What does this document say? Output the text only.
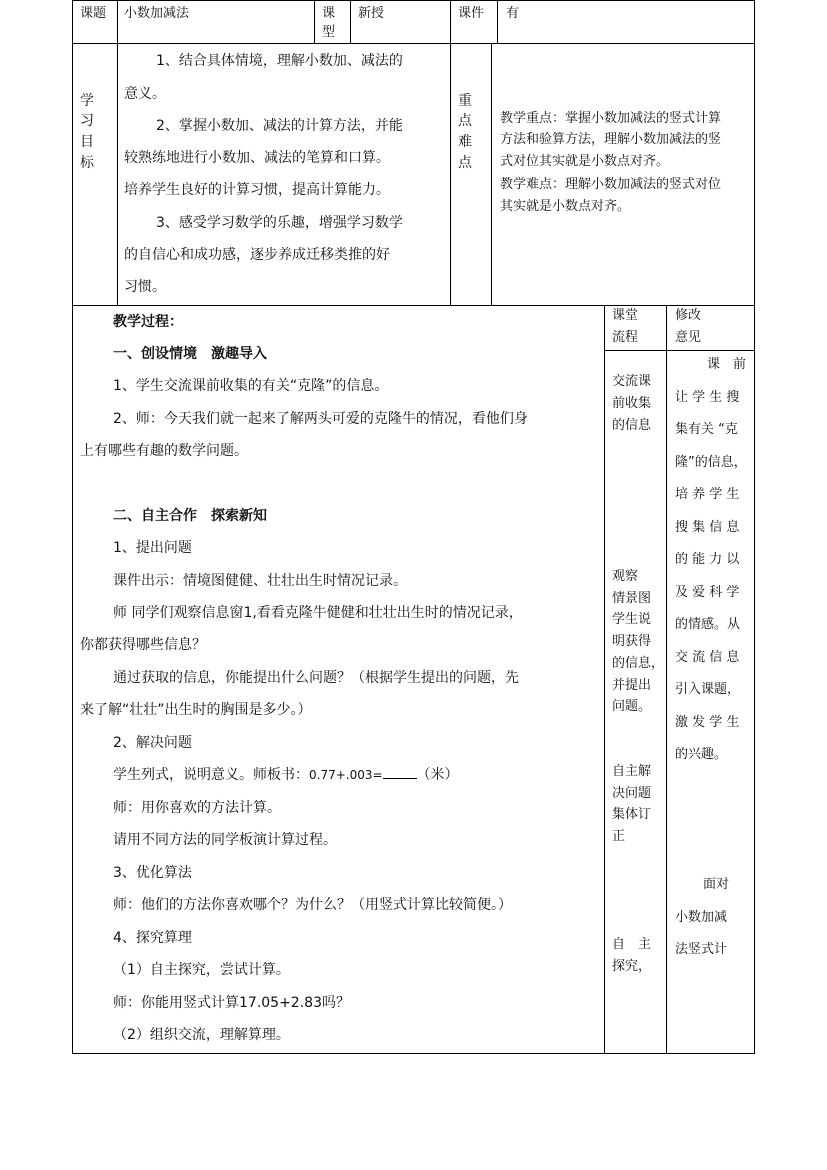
课题 小数加减法	课
型
新授	课件 有
学
习
目
标
1、结合具体情境，理解小数加、减法的
意义。
2、掌握小数加、减法的计算方法，并能
较熟练地进行小数加、减法的笔算和口算。
培养学生良好的计算习惯，提高计算能力。
3、感受学习数学的乐趣，增强学习数学
的自信心和成功感，逐步养成迁移类推的好
习惯。
重
点
难
点
教学重点：掌握小数加减法的竖式计算
方法和验算方法，理解小数加减法的竖
式对位其实就是小数点对齐。
教学难点：理解小数加减法的竖式对位
其实就是小数点对齐。
教学过程：
一、创设情境　激趣导入
1、学生交流课前收集的有关“克隆”的信息。
2、师：今天我们就一起来了解两头可爱的克隆牛的情况，看他们身
上有哪些有趣的数学问题。
二、自主合作　探索新知
1、提出问题
课件出示：情境图健健、壮壮出生时情况记录。
师 同学们观察信息窗1,看看克隆牛健健和壮壮出生时的情况记录，
你都获得哪些信息？
通过获取的信息，你能提出什么问题？（根据学生提出的问题，先
来了解“壮壮”出生时的胸围是多少。）
2、解决问题
学生列式，说明意义。师板书：0.77+.003= （米）
师：用你喜欢的方法计算。
请用不同方法的同学板演计算过程。
3、优化算法
师：他们的方法你喜欢哪个？为什么？（用竖式计算比较简便。）
4、探究算理
（1）自主探究，尝试计算。
师：你能用竖式计算17.05+2.83吗？
（2）组织交流，理解算理。
课堂
流程
交流课
前收集
的信息
观察
情景图
学生说
明获得
的信息，
并提出
问题。
自主解
决问题
集体订
正
自　主
探究，
修改
意见
课　前
让 学 生 搜
集有关 “克
隆”的信息，
培 养 学 生
搜 集 信 息
的 能 力 以
及 爱 科 学
的情感。从
交 流 信 息
引入课题，
激 发 学 生
的兴趣。
面对
小数加减
法竖式计
